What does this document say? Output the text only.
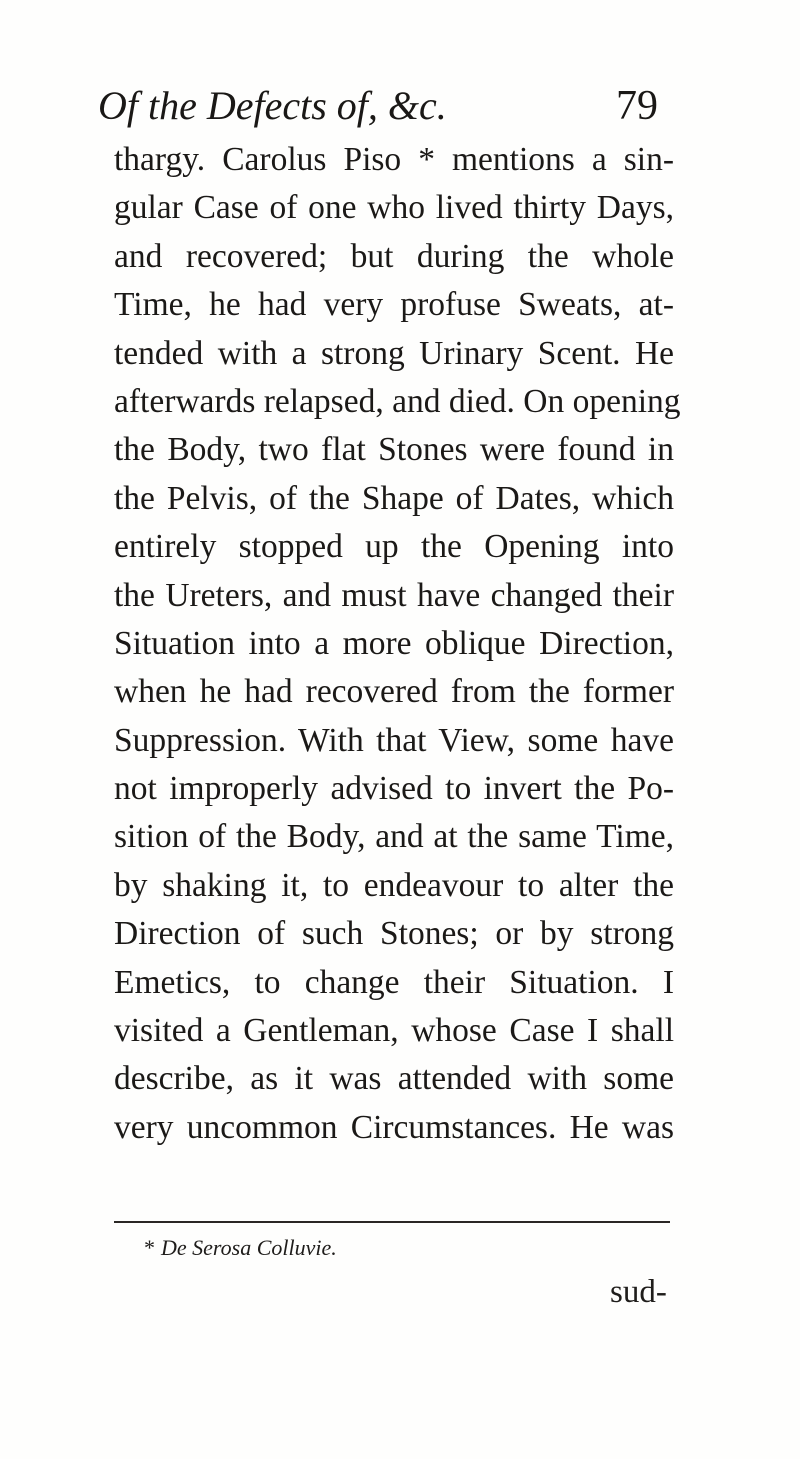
Of the Defects of, &c.	79
thargy. Carolus Piso * mentions a sin-
gular Case of one who lived thirty Days,
and recovered; but during the whole
Time, he had very profuse Sweats, at-
tended with a strong Urinary Scent. He
afterwards relapsed, and died. On opening
the Body, two flat Stones were found in
the Pelvis, of the Shape of Dates, which
entirely stopped up the Opening into
the Ureters, and must have changed their
Situation into a more oblique Direction,
when he had recovered from the former
Suppression. With that View, some have
not improperly advised to invert the Po-
sition of the Body, and at the same Time,
by shaking it, to endeavour to alter the
Direction of such Stones; or by strong
Emetics, to change their Situation. I
visited a Gentleman, whose Case I shall
describe, as it was attended with some
very uncommon Circumstances. He was
* De Serosa Colluvie.
sud-
